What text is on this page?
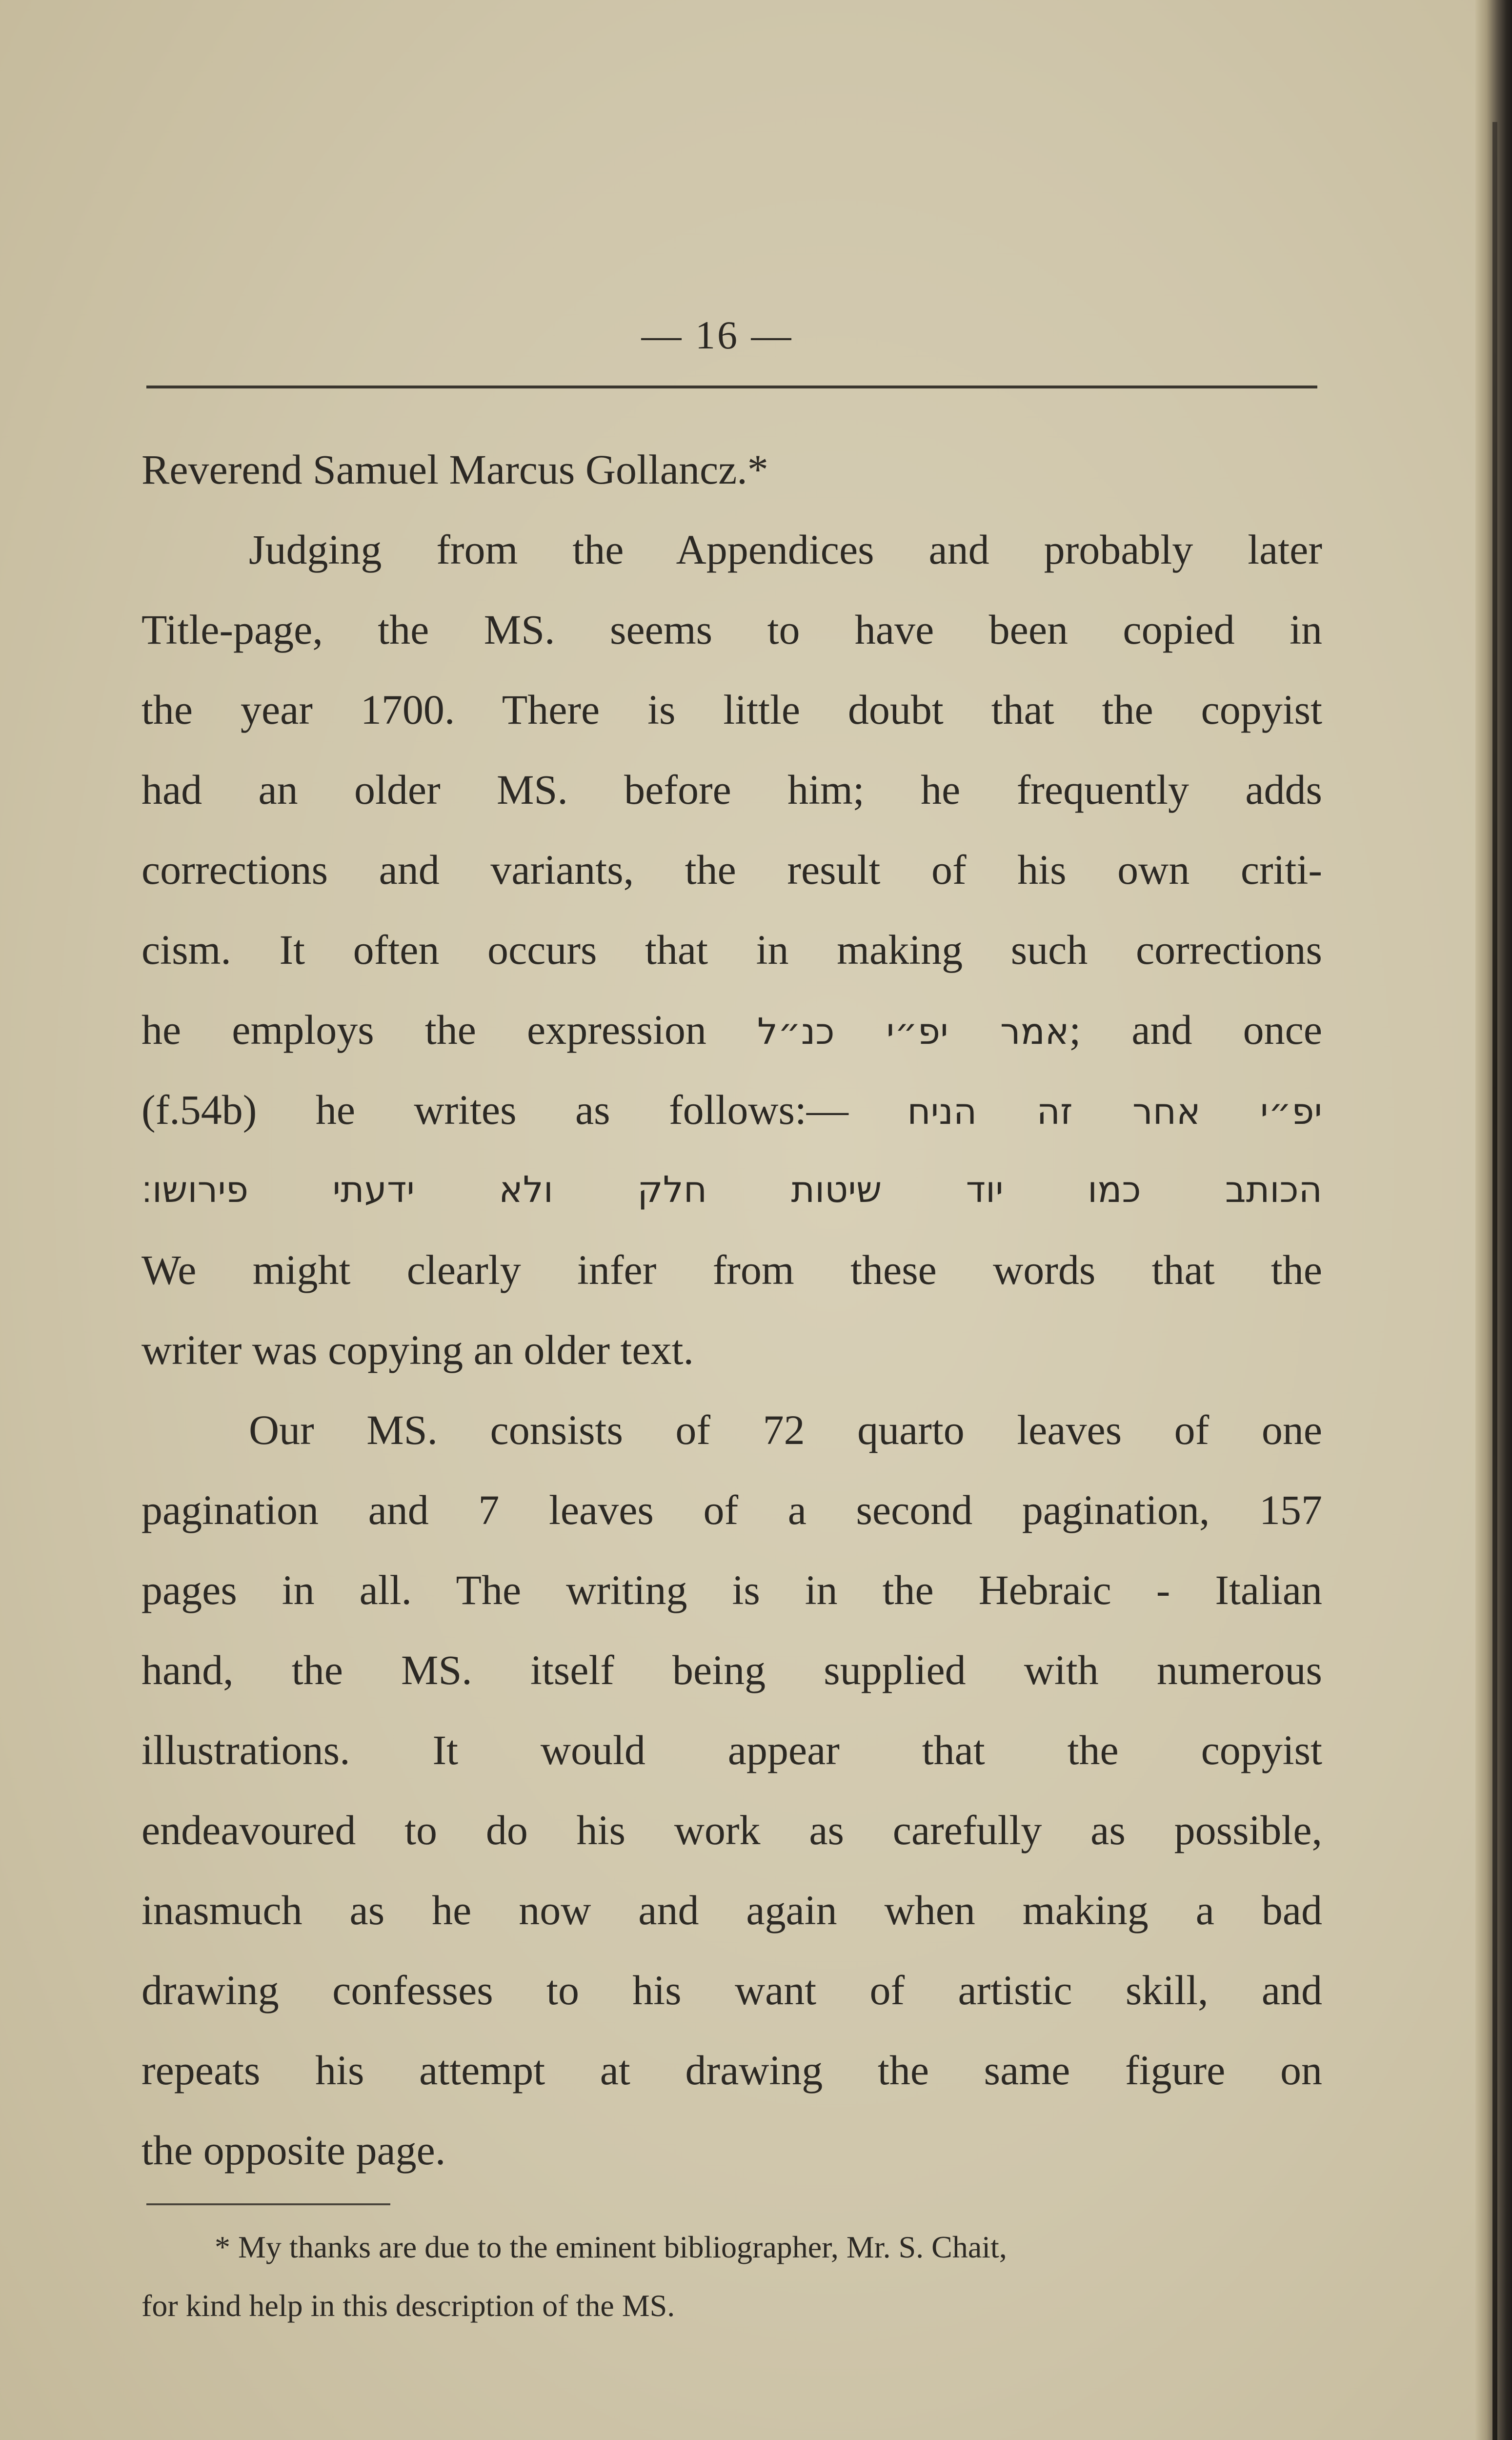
— 16 —
Reverend Samuel Marcus Gollancz.*
Judging from the Appendices and probably later
Title-page, the MS. seems to have been copied in
the year 1700. There is little doubt that the copyist
had an older MS. before him; he frequently adds
corrections and variants, the result of his own criti-
cism. It often occurs that in making such corrections
he employs the expression אמר יפ״י כנ״ל; and once
(f.54b) he writes as follows:— יפ״י אחר זה הניח
הכותב כמו יוד שיטות חלק ולא ידעתי פירושו׃
We might clearly infer from these words that the
writer was copying an older text.
Our MS. consists of 72 quarto leaves of one
pagination and 7 leaves of a second pagination, 157
pages in all. The writing is in the Hebraic - Italian
hand, the MS. itself being supplied with numerous
illustrations. It would appear that the copyist
endeavoured to do his work as carefully as possible,
inasmuch as he now and again when making a bad
drawing confesses to his want of artistic skill, and
repeats his attempt at drawing the same figure on
the opposite page.
* My thanks are due to the eminent bibliographer, Mr. S. Chait,
for kind help in this description of the MS.
